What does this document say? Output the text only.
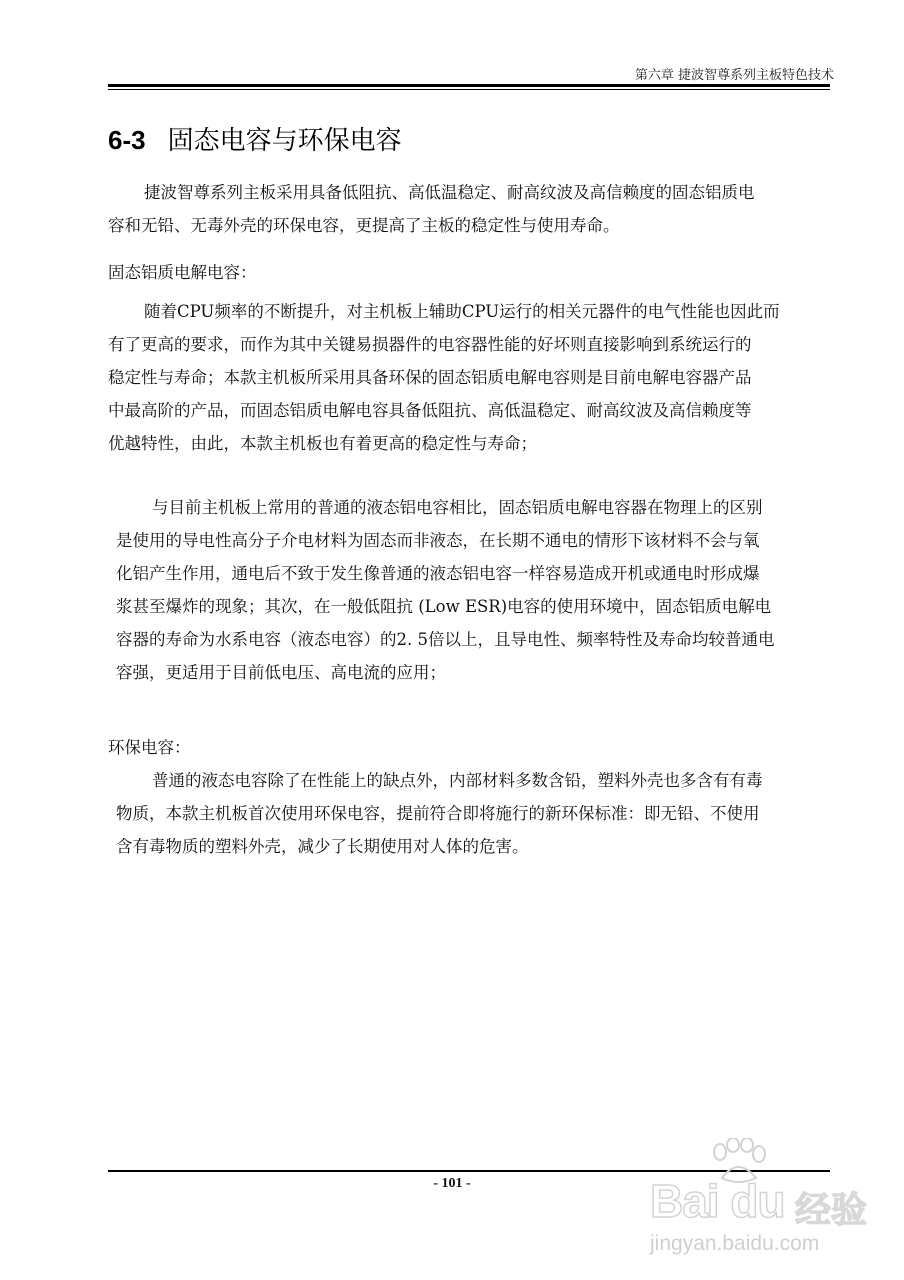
第六章 捷波智尊系列主板特色技术
6-3 固态电容与环保电容

捷波智尊系列主板采用具备低阻抗、高低温稳定、耐高纹波及高信赖度的固态铝质电

容和无铅、无毒外壳的环保电容，更提高了主板的稳定性与使用寿命。

固态铝质电解电容：

随着CPU频率的不断提升，对主机板上辅助CPU运行的相关元器件的电气性能也因此而

有了更高的要求，而作为其中关键易损器件的电容器性能的好坏则直接影响到系统运行的

稳定性与寿命；本款主机板所采用具备环保的固态铝质电解电容则是目前电解电容器产品

中最高阶的产品，而固态铝质电解电容具备低阻抗、高低温稳定、耐高纹波及高信赖度等

优越特性，由此，本款主机板也有着更高的稳定性与寿命；

与目前主机板上常用的普通的液态铝电容相比，固态铝质电解电容器在物理上的区别

是使用的导电性高分子介电材料为固态而非液态，在长期不通电的情形下该材料不会与氧

化铝产生作用，通电后不致于发生像普通的液态铝电容一样容易造成开机或通电时形成爆

浆甚至爆炸的现象；其次，在一般低阻抗 (Low ESR)电容的使用环境中，固态铝质电解电

容器的寿命为水系电容（液态电容）的2. 5倍以上，且导电性、频率特性及寿命均较普通电

容强，更适用于目前低电压、高电流的应用；

环保电容：

普通的液态电容除了在性能上的缺点外，内部材料多数含铅，塑料外壳也多含有有毒

物质，本款主机板首次使用环保电容，提前符合即将施行的新环保标准：即无铅、不使用

含有毒物质的塑料外壳，减少了长期使用对人体的危害。

- 101 -	Bai du 经验
jingyan.baidu.com
